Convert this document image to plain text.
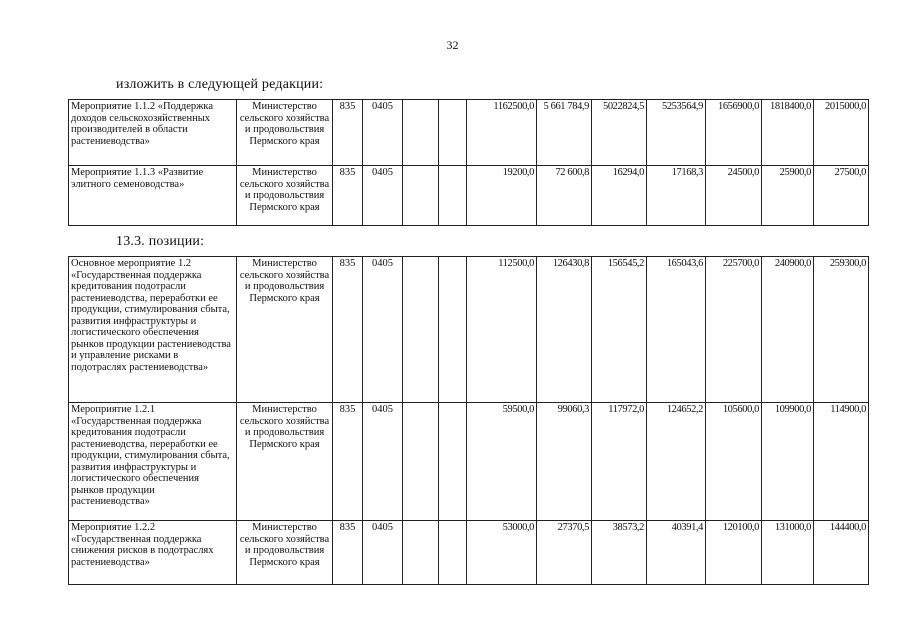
32
изложить в следующей редакции:
Мероприятие 1.1.2 «Поддержка доходов сельскохозяйственных производителей в области растениеводства»	Министерство сельского хозяйства и продовольствия Пермского края	835	0405			1162500,0	5 661 784,9	5022824,5	5253564,9	1656900,0	1818400,0	2015000,0
Мероприятие 1.1.3 «Развитие элитного семеноводства»	Министерство сельского хозяйства и продовольствия Пермского края	835	0405			19200,0	72 600,8	16294,0	17168,3	24500,0	25900,0	27500,0
13.3. позиции:
Основное мероприятие 1.2 «Государственная поддержка кредитования подотрасли растениеводства, переработки ее продукции, стимулирования сбыта, развития инфраструктуры и логистического обеспечения рынков продукции растениеводства и управление рисками в подотраслях растениеводства»	Министерство сельского хозяйства и продовольствия Пермского края	835	0405			112500,0	126430,8	156545,2	165043,6	225700,0	240900,0	259300,0
Мероприятие 1.2.1 «Государственная поддержка кредитования подотрасли растениеводства, переработки ее продукции, стимулирования сбыта, развития инфраструктуры и логистического обеспечения рынков продукции растениеводства»	Министерство сельского хозяйства и продовольствия Пермского края	835	0405			59500,0	99060,3	117972,0	124652,2	105600,0	109900,0	114900,0
Мероприятие 1.2.2 «Государственная поддержка снижения рисков в подотраслях растениеводства»	Министерство сельского хозяйства и продовольствия Пермского края	835	0405			53000,0	27370,5	38573,2	40391,4	120100,0	131000,0	144400,0
